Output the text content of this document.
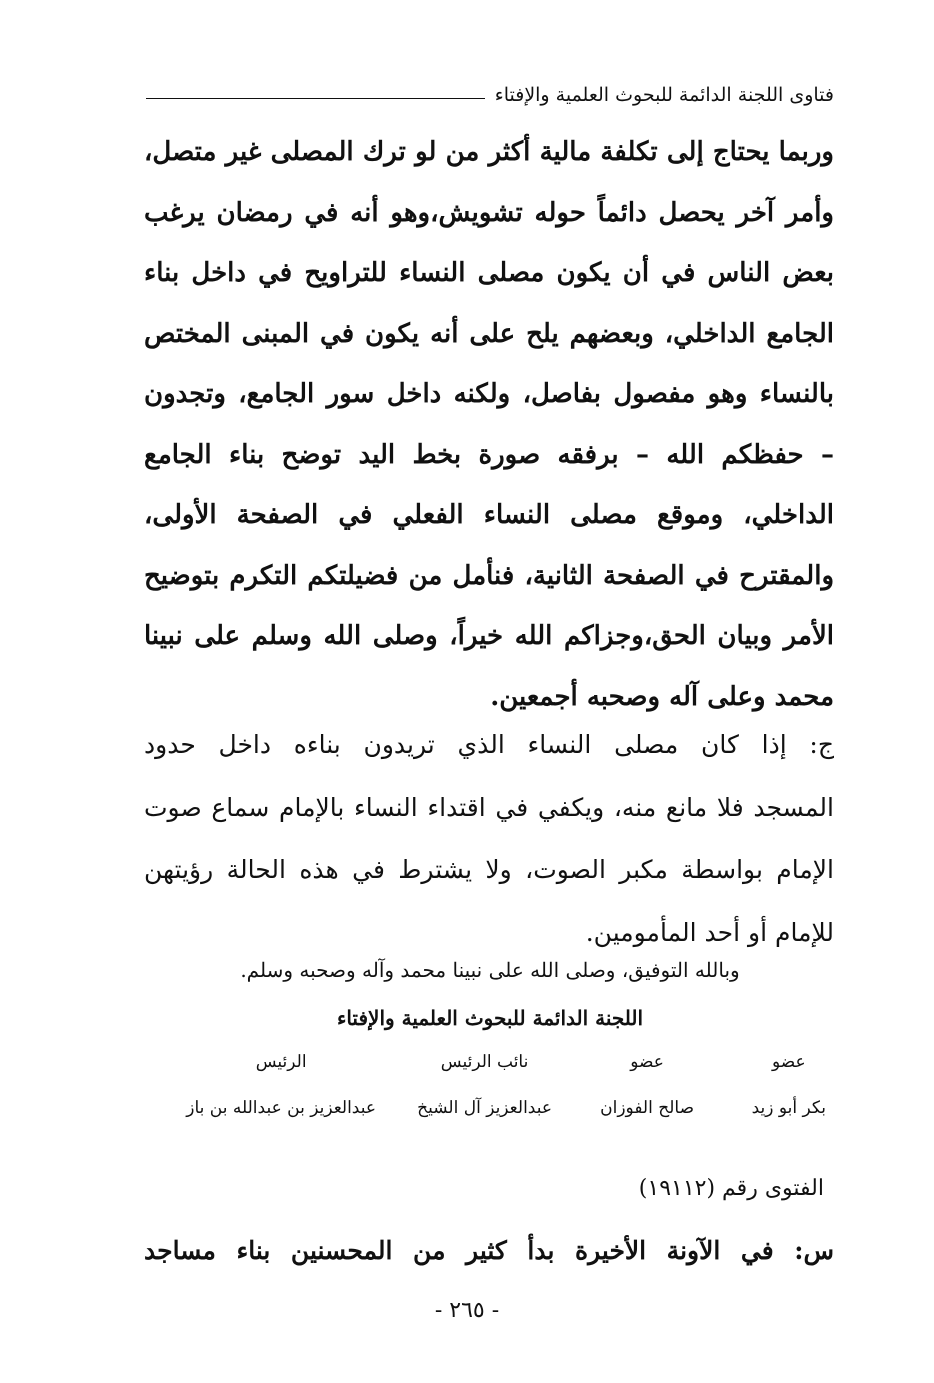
فتاوى اللجنة الدائمة للبحوث العلمية والإفتاء
وربما يحتاج إلى تكلفة مالية أكثر من لو ترك المصلى غير متصل،
وأمر آخر يحصل دائماً حوله تشويش،وهو أنه في رمضان يرغب
بعض الناس في أن يكون مصلى النساء للتراويح في داخل بناء
الجامع الداخلي، وبعضهم يلح على أنه يكون في المبنى المختص
بالنساء وهو مفصول بفاصل، ولكنه داخل سور الجامع، وتجدون
– حفظكم الله – برفقه صورة بخط اليد توضح بناء الجامع
الداخلي، وموقع مصلى النساء الفعلي في الصفحة الأولى،
والمقترح في الصفحة الثانية، فنأمل من فضيلتكم التكرم بتوضيح
الأمر وبيان الحق،وجزاكم الله خيراً، وصلى الله وسلم على نبينا
محمد وعلى آله وصحبه أجمعين.
ج: إذا كان مصلى النساء الذي تريدون بناءه داخل حدود
المسجد فلا مانع منه، ويكفي في اقتداء النساء بالإمام سماع صوت
الإمام بواسطة مكبر الصوت، ولا يشترط في هذه الحالة رؤيتهن
للإمام أو أحد المأمومين.
وبالله التوفيق، وصلى الله على نبينا محمد وآله وصحبه وسلم.
اللجنة الدائمة للبحوث العلمية والإفتاء
عضو
بكر أبو زيد
عضو
صالح الفوزان
نائب الرئيس
عبدالعزيز آل الشيخ
الرئيس
عبدالعزيز بن عبدالله بن باز
الفتوى رقم (١٩١١٢)
س: في الآونة الأخيرة بدأ كثير من المحسنين بناء مساجد
- ٢٦٥ -
